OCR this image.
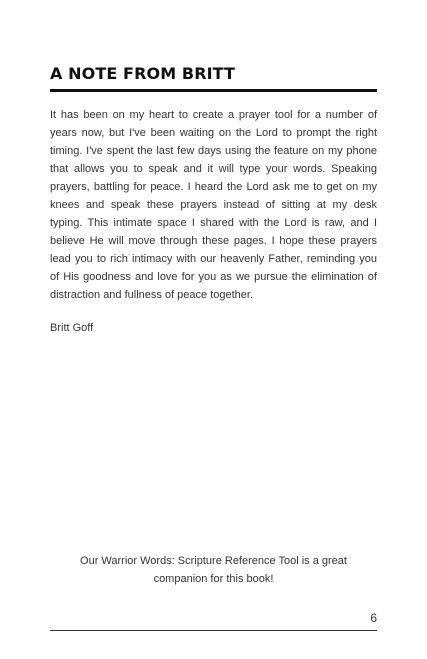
A NOTE FROM BRITT

It has been on my heart to create a prayer tool for a number of years now, but I've been waiting on the Lord to prompt the right timing. I've spent the last few days using the feature on my phone that allows you to speak and it will type your words. Speaking prayers, battling for peace. I heard the Lord ask me to get on my knees and speak these prayers instead of sitting at my desk typing. This intimate space I shared with the Lord is raw, and I believe He will move through these pages. I hope these prayers lead you to rich intimacy with our heavenly Father, reminding you of His goodness and love for you as we pursue the elimination of distraction and fullness of peace together.

Britt Goff

Our Warrior Words: Scripture Reference Tool is a great companion for this book!

6
